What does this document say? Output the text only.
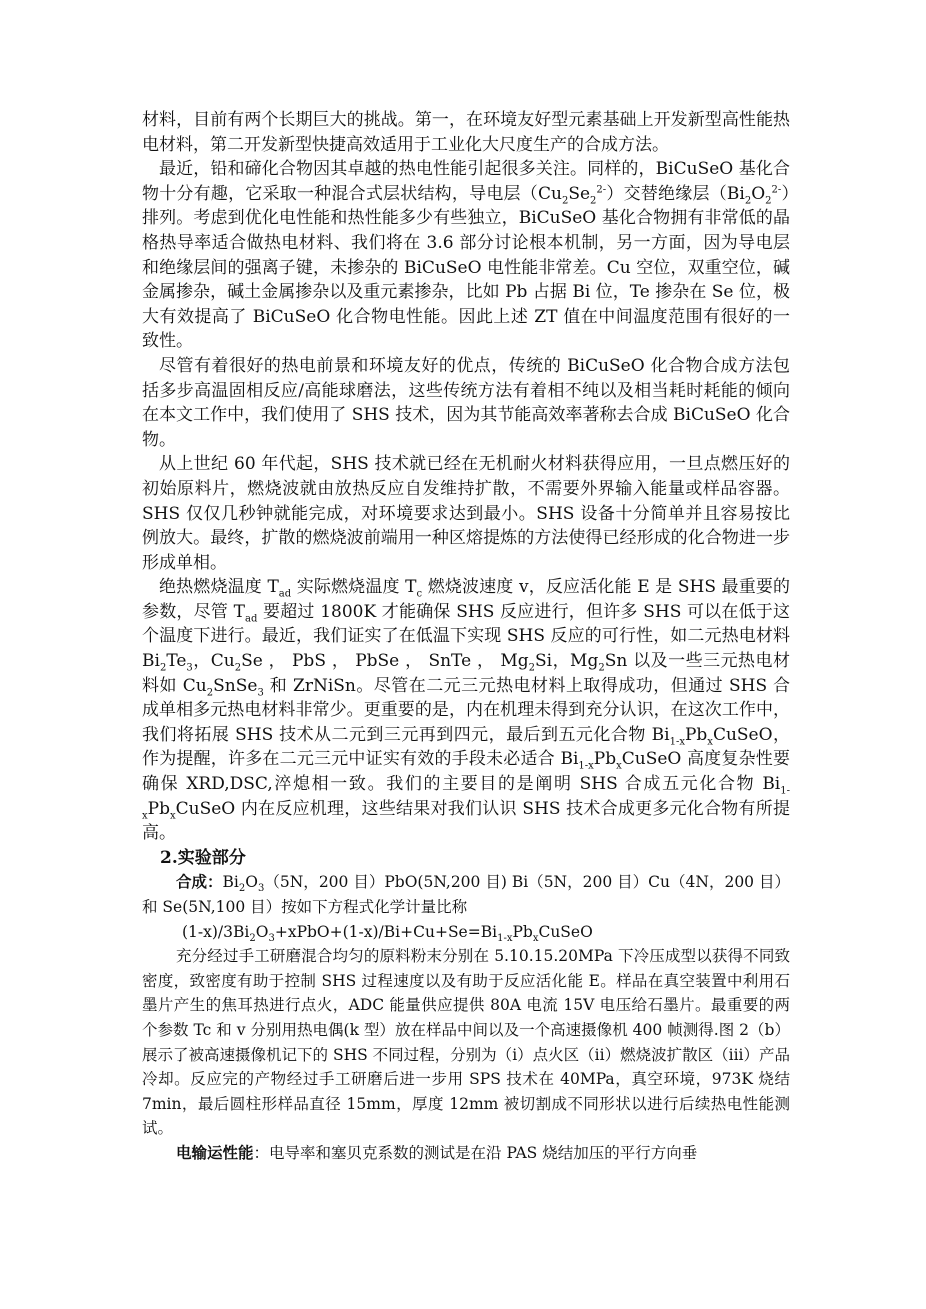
材料，目前有两个长期巨大的挑战。第一，在环境友好型元素基础上开发新型高性能热电材料，第二开发新型快捷高效适用于工业化大尺度生产的合成方法。

最近，铅和碲化合物因其卓越的热电性能引起很多关注。同样的，BiCuSeO 基化合物十分有趣，它采取一种混合式层状结构，导电层$(Cu_2Se_2^{2-})$交替绝缘层$(Bi_2O_2^{2-})$排列。考虑到优化电性能和热性能多少有些独立，BiCuSeO 基化合物拥有非常低的晶格热导率适合做热电材料、我们将在 3.6 部分讨论根本机制，另一方面，因为导电层和绝缘层间的强离子键，未掺杂的 BiCuSeO 电性能非常差。Cu 空位，双重空位，碱金属掺杂，碱土金属掺杂以及重元素掺杂，比如 Pb 占据 Bi 位，Te 掺杂在 Se 位，极大有效提高了 BiCuSeO 化合物电性能。因此上述 ZT 值在中间温度范围有很好的一致性。

尽管有着很好的热电前景和环境友好的优点，传统的 BiCuSeO 化合物合成方法包括多步高温固相反应/高能球磨法，这些传统方法有着相不纯以及相当耗时耗能的倾向在本文工作中，我们使用了 SHS 技术，因为其节能高效率著称去合成 BiCuSeO 化合物。

从上世纪 60 年代起，SHS 技术就已经在无机耐火材料获得应用，一旦点燃压好的初始原料片，燃烧波就由放热反应自发维持扩散，不需要外界输入能量或样品容器。SHS 仅仅几秒钟就能完成，对环境要求达到最小。SHS 设备十分简单并且容易按比例放大。最终，扩散的燃烧波前端用一种区熔提炼的方法使得已经形成的化合物进一步形成单相。

绝热燃烧温度 $T_{ad}$ 实际燃烧温度 $T_c$ 燃烧波速度 v，反应活化能 E 是 SHS 最重要的参数，尽管 $T_{ad}$ 要超过 1800K 才能确保 SHS 反应进行，但许多 SHS 可以在低于这个温度下进行。最近，我们证实了在低温下实现 SHS 反应的可行性，如二元热电材料 $Bi_2Te_3$，$Cu_2Se$ ， PbS ， PbSe ， SnTe ， $Mg_2Si$，$Mg_2Sn$ 以及一些三元热电材料如 $Cu_2SnSe_3$ 和 ZrNiSn。尽管在二元三元热电材料上取得成功，但通过 SHS 合成单相多元热电材料非常少。更重要的是，内在机理未得到充分认识，在这次工作中，我们将拓展 SHS 技术从二元到三元再到四元，最后到五元化合物 $Bi_{1-x}Pb_xCuSeO$，作为提醒，许多在二元三元中证实有效的手段未必适合 $Bi_{1-x}Pb_xCuSeO$ 高度复杂性要确保 XRD,DSC,淬熄相一致。我们的主要目的是阐明 SHS 合成五元化合物 $Bi_{1-x}Pb_xCuSeO$ 内在反应机理，这些结果对我们认识 SHS 技术合成更多元化合物有所提高。

2.实验部分

合成：$Bi_2O_3(5N$，200 目）PbO(5N,200 目) Bi（5N，200 目）Cu（4N，200 目）和 Se(5N,100 目）按如下方程式化学计量比称

$(1-x)/3Bi_2O_3+xPbO+(1-x)/Bi+Cu+Se=Bi_{1-x}Pb_xCuSeO$

充分经过手工研磨混合均匀的原料粉末分别在 5.10.15.20MPa 下冷压成型以获得不同致密度，致密度有助于控制 SHS 过程速度以及有助于反应活化能 E。样品在真空装置中利用石墨片产生的焦耳热进行点火，ADC 能量供应提供 80A 电流 15V 电压给石墨片。最重要的两个参数 Tc 和 v 分别用热电偶(k 型）放在样品中间以及一个高速摄像机 400 帧测得.图 2（b）展示了被高速摄像机记下的 SHS 不同过程，分别为（i）点火区（ii）燃烧波扩散区（iii）产品冷却。反应完的产物经过手工研磨后进一步用 SPS 技术在 40MPa，真空环境，973K 烧结 7min，最后圆柱形样品直径 15mm，厚度 12mm 被切割成不同形状以进行后续热电性能测试。

电输运性能：电导率和塞贝克系数的测试是在沿 PAS 烧结加压的平行方向垂
